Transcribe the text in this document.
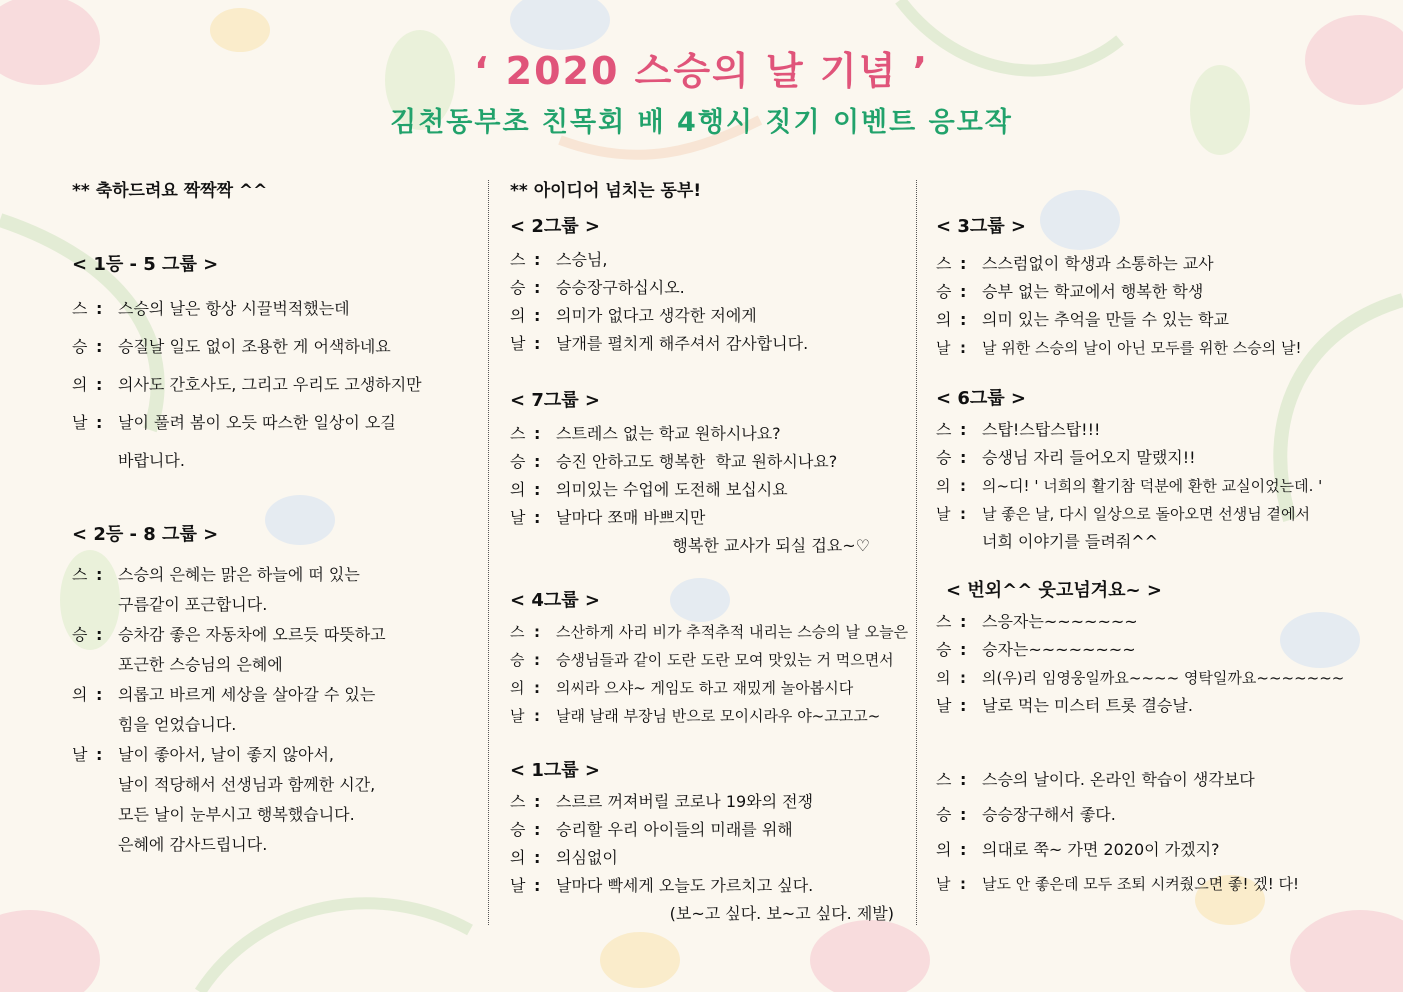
‘ 2020 스승의 날 기념 ’
김천동부초 친목회 배 4행시 짓기 이벤트 응모작
** 축하드려요 짝짝짝 ^^
< 1등 - 5 그룹 >
스 : 스승의 날은 항상 시끌벅적했는데
승 : 승질날 일도 없이 조용한 게 어색하네요
의 : 의사도 간호사도, 그리고 우리도 고생하지만
날 : 날이 풀려 봄이 오듯 따스한 일상이 오길
바랍니다.
< 2등 - 8 그룹 >
스 : 스승의 은혜는 맑은 하늘에 떠 있는
구름같이 포근합니다.
승 : 승차감 좋은 자동차에 오르듯 따뜻하고
포근한 스승님의 은혜에
의 : 의롭고 바르게 세상을 살아갈 수 있는
힘을 얻었습니다.
날 : 날이 좋아서, 날이 좋지 않아서,
날이 적당해서 선생님과 함께한 시간,
모든 날이 눈부시고 행복했습니다.
은혜에 감사드립니다.
** 아이디어 넘치는 동부!
< 2그룹 >
스 : 스승님,
승 : 승승장구하십시오.
의 : 의미가 없다고 생각한 저에게
날 : 날개를 펼치게 해주셔서 감사합니다.
< 7그룹 >
스 : 스트레스 없는 학교 원하시나요?
승 : 승진 안하고도 행복한  학교 원하시나요?
의 : 의미있는 수업에 도전해 보십시요
날 : 날마다 쪼매 바쁘지만
행복한 교사가 되실 겁요~♡
< 4그룹 >
스 :	스산하게 사리 비가 추적추적 내리는 스승의 날 오늘은
승 :	승생님들과 같이 도란 도란 모여 맛있는 거 먹으면서
의 :	의씨라 으샤~ 게임도 하고 재밌게 놀아봅시다
날 :	날래 날래 부장님 반으로 모이시라우 야~고고고~
< 1그룹 >
스 : 스르르 꺼져버릴 코로나 19와의 전쟁
승 : 승리할 우리 아이들의 미래를 위해
의 : 의심없이
날 : 날마다 빡세게 오늘도 가르치고 싶다.
(보~고 싶다. 보~고 싶다. 제발)
< 3그룹 >
스 : 스스럼없이 학생과 소통하는 교사
승 : 승부 없는 학교에서 행복한 학생
의 : 의미 있는 추억을 만들 수 있는 학교
날 :	날 위한 스승의 날이 아닌 모두를 위한 스승의 날!
< 6그룹 >
스 : 스탑!스탑스탑!!!
승 : 승생님 자리 들어오지 말랬지!!
의 :	의~디! ' 너희의 활기참 덕분에 환한 교실이었는데. '
날 :	날 좋은 날, 다시 일상으로 돌아오면 선생님 곁에서
너희 이야기를 들려줘^^
< 번외^^ 웃고넘겨요~ >
스 : 스응자는~~~~~~~
승 : 승자는~~~~~~~~
의 :	의(우)리 임영웅일까요~~~~ 영탁일까요~~~~~~~
날 : 날로 먹는 미스터 트롯 결승날.
스 : 스승의 날이다. 온라인 학습이 생각보다
승 : 승승장구해서 좋다.
의 : 의대로 쭉~ 가면 2020이 가겠지?
날 :	날도 안 좋은데 모두 조퇴 시켜줬으면 좋! 겠! 다!
